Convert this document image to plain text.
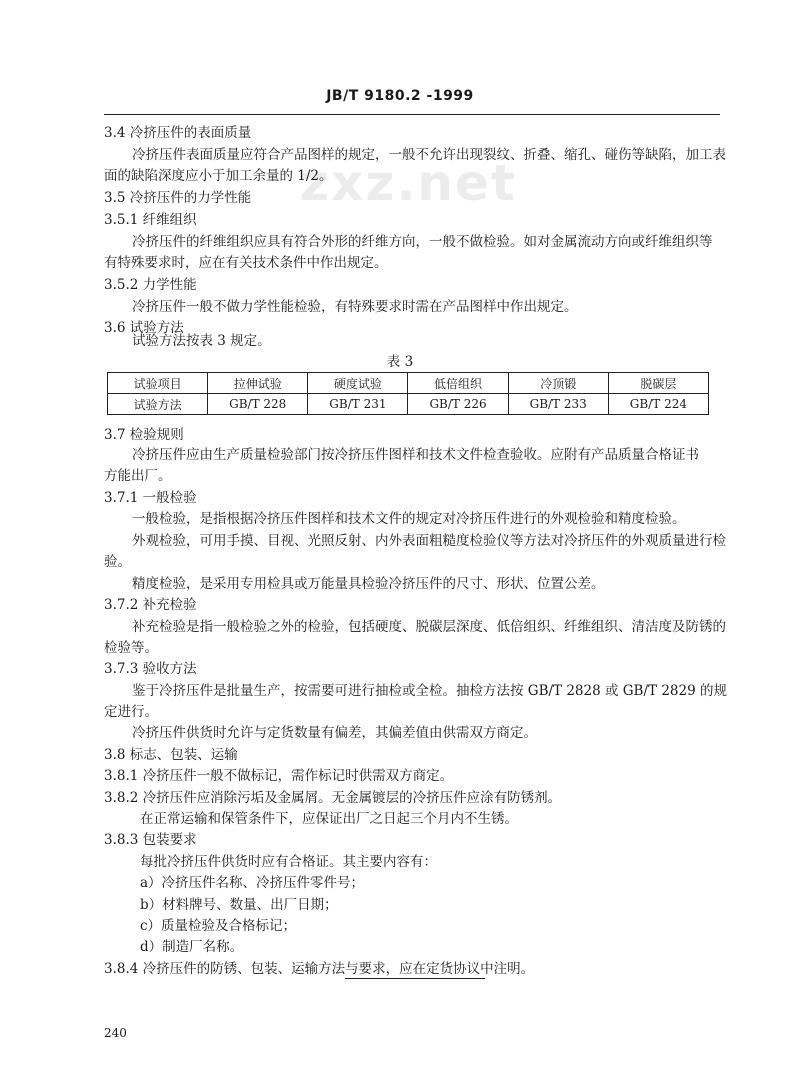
JB/T 9180.2 -1999
zxz.net
3.4 冷挤压件的表面质量
冷挤压件表面质量应符合产品图样的规定，一般不允许出现裂纹、折叠、缩孔、碰伤等缺陷，加工表
面的缺陷深度应小于加工余量的 1/2。
3.5 冷挤压件的力学性能
3.5.1 纤维组织
冷挤压件的纤维组织应具有符合外形的纤维方向，一般不做检验。如对金属流动方向或纤维组织等
有特殊要求时，应在有关技术条件中作出规定。
3.5.2 力学性能
冷挤压件一般不做力学性能检验，有特殊要求时需在产品图样中作出规定。
3.6 试验方法
试验方法按表 3 规定。
表 3
试验项目	拉伸试验	硬度试验	低倍组织	冷顶锻	脱碳层
试验方法	GB/T 228	GB/T 231	GB/T 226	GB/T 233	GB/T 224
3.7 检验规则
冷挤压件应由生产质量检验部门按冷挤压件图样和技术文件检查验收。应附有产品质量合格证书
方能出厂。
3.7.1 一般检验
一般检验，是指根据冷挤压件图样和技术文件的规定对冷挤压件进行的外观检验和精度检验。
外观检验，可用手摸、目视、光照反射、内外表面粗糙度检验仪等方法对冷挤压件的外观质量进行检
验。
精度检验，是采用专用检具或万能量具检验冷挤压件的尺寸、形状、位置公差。
3.7.2 补充检验
补充检验是指一般检验之外的检验，包括硬度、脱碳层深度、低倍组织、纤维组织、清洁度及防锈的
检验等。
3.7.3 验收方法
鉴于冷挤压件是批量生产，按需要可进行抽检或全检。抽检方法按 GB/T 2828 或 GB/T 2829 的规
定进行。
冷挤压件供货时允许与定货数量有偏差，其偏差值由供需双方商定。
3.8 标志、包装、运输
3.8.1 冷挤压件一般不做标记，需作标记时供需双方商定。
3.8.2 冷挤压件应消除污垢及金属屑。无金属镀层的冷挤压件应涂有防锈剂。
在正常运输和保管条件下，应保证出厂之日起三个月内不生锈。
3.8.3 包装要求
每批冷挤压件供货时应有合格证。其主要内容有：
a）冷挤压件名称、冷挤压件零件号；
b）材料牌号、数量、出厂日期；
c）质量检验及合格标记；
d）制造厂名称。
3.8.4 冷挤压件的防锈、包装、运输方法与要求，应在定货协议中注明。
240
